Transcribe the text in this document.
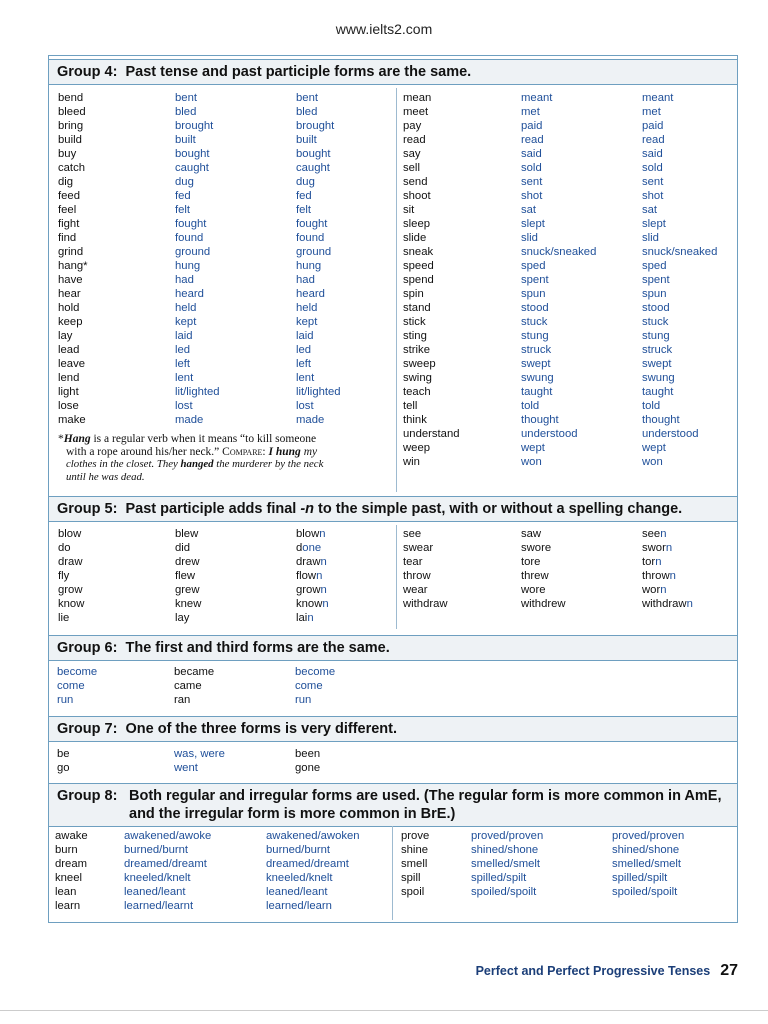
www.ielts2.com
Group 4: Past tense and past participle forms are the same.
Group 5: Past participle adds final -n to the simple past, with or without a spelling change.
Group 6: The first and third forms are the same.
Group 7: One of the three forms is very different.
Group 8: Both regular and irregular forms are used. (The regular form is more common in AmE, and the irregular form is more common in BrE.)
bend
bleed
bring
build
buy
catch
dig
feed
feel
fight
find
grind
hang*
have
hear
hold
keep
lay
lead
leave
lend
light
lose
make
bent
bled
brought
built
bought
caught
dug
fed
felt
fought
found
ground
hung
had
heard
held
kept
laid
led
left
lent
lit/lighted
lost
made
bent
bled
brought
built
bought
caught
dug
fed
felt
fought
found
ground
hung
had
heard
held
kept
laid
led
left
lent
lit/lighted
lost
made
mean
meet
pay
read
say
sell
send
shoot
sit
sleep
slide
sneak
speed
spend
spin
stand
stick
sting
strike
sweep
swing
teach
tell
think
understand
weep
win
meant
met
paid
read
said
sold
sent
shot
sat
slept
slid
snuck/sneaked
sped
spent
spun
stood
stuck
stung
struck
swept
swung
taught
told
thought
understood
wept
won
meant
met
paid
read
said
sold
sent
shot
sat
slept
slid
snuck/sneaked
sped
spent
spun
stood
stuck
stung
struck
swept
swung
taught
told
thought
understood
wept
won
*Hang is a regular verb when it means “to kill someone
with a rope around his/her neck.” Compare: I hung my
clothes in the closet. They hanged the murderer by the neck
until he was dead.
blow
do
draw
fly
grow
know
lie
blew
did
drew
flew
grew
knew
lay
blown
done
drawn
flown
grown
known
lain
see
swear
tear
throw
wear
withdraw
saw
swore
tore
threw
wore
withdrew
seen
sworn
torn
thrown
worn
withdrawn
become
come
run
became
came
ran
become
come
run
be
go
was, were
went
been
gone
awake
burn
dream
kneel
lean
learn
awakened/awoke
burned/burnt
dreamed/dreamt
kneeled/knelt
leaned/leant
learned/learnt
awakened/awoken
burned/burnt
dreamed/dreamt
kneeled/knelt
leaned/leant
learned/learn
prove
shine
smell
spill
spoil
proved/proven
shined/shone
smelled/smelt
spilled/spilt
spoiled/spoilt
proved/proven
shined/shone
smelled/smelt
spilled/spilt
spoiled/spoilt
Perfect and Perfect Progressive Tenses 27
